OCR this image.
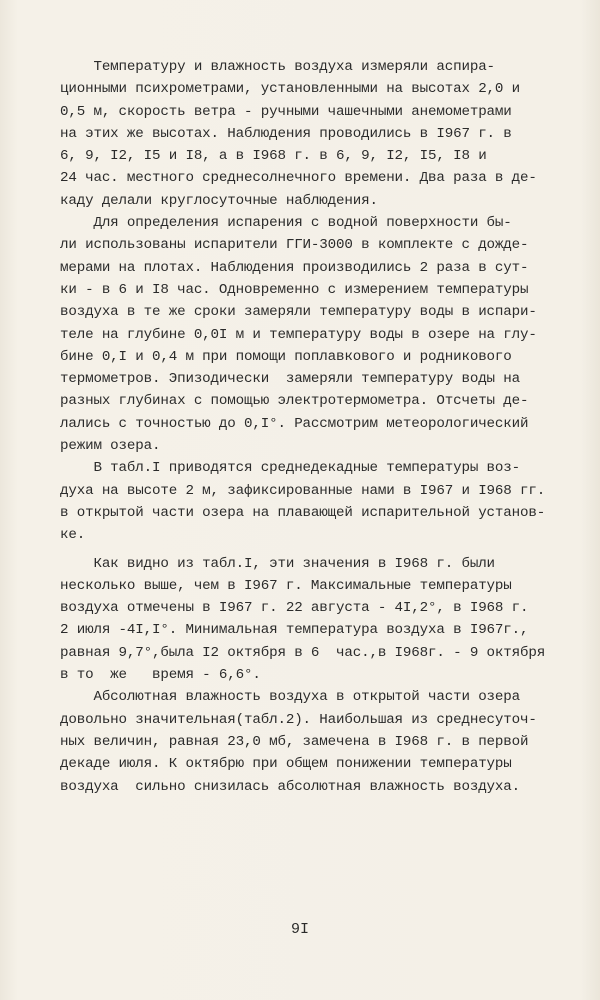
Температуру и влажность воздуха измеряли аспира-
ционными психрометрами, установленными на высотах 2,0 и
0,5 м, скорость ветра - ручными чашечными анемометрами
на этих же высотах. Наблюдения проводились в I967 г. в
6, 9, I2, I5 и I8, а в I968 г. в 6, 9, I2, I5, I8 и
24 час. местного среднесолнечного времени. Два раза в де-
каду делали круглосуточные наблюдения.
Для определения испарения с водной поверхности бы-
ли использованы испарители ГГИ-3000 в комплекте с дожде-
мерами на плотах. Наблюдения производились 2 раза в сут-
ки - в 6 и I8 час. Одновременно с измерением температуры
воздуха в те же сроки замеряли температуру воды в испари-
теле на глубине 0,0I м и температуру воды в озере на глу-
бине 0,I и 0,4 м при помощи поплавкового и родникового
термометров. Эпизодически  замеряли температуру воды на
разных глубинах с помощью электротермометра. Отсчеты де-
лались с точностью до 0,I°. Рассмотрим метеорологический
режим озера.
В табл.I приводятся среднедекадные температуры воз-
духа на высоте 2 м, зафиксированные нами в I967 и I968 гг.
в открытой части озера на плавающей испарительной установ-
ке.
Как видно из табл.I, эти значения в I968 г. были
несколько выше, чем в I967 г. Максимальные температуры
воздуха отмечены в I967 г. 22 августа - 4I,2°, в I968 г.
2 июля -4I,I°. Минимальная температура воздуха в I967г.,
равная 9,7°,была I2 октября в 6  час.,в I968г. - 9 октября
в то  же   время - 6,6°.
Абсолютная влажность воздуха в открытой части озера
довольно значительная(табл.2). Наибольшая из среднесуточ-
ных величин, равная 23,0 мб, замечена в I968 г. в первой
декаде июля. К октябрю при общем понижении температуры
воздуха  сильно снизилась абсолютная влажность воздуха.
9I
